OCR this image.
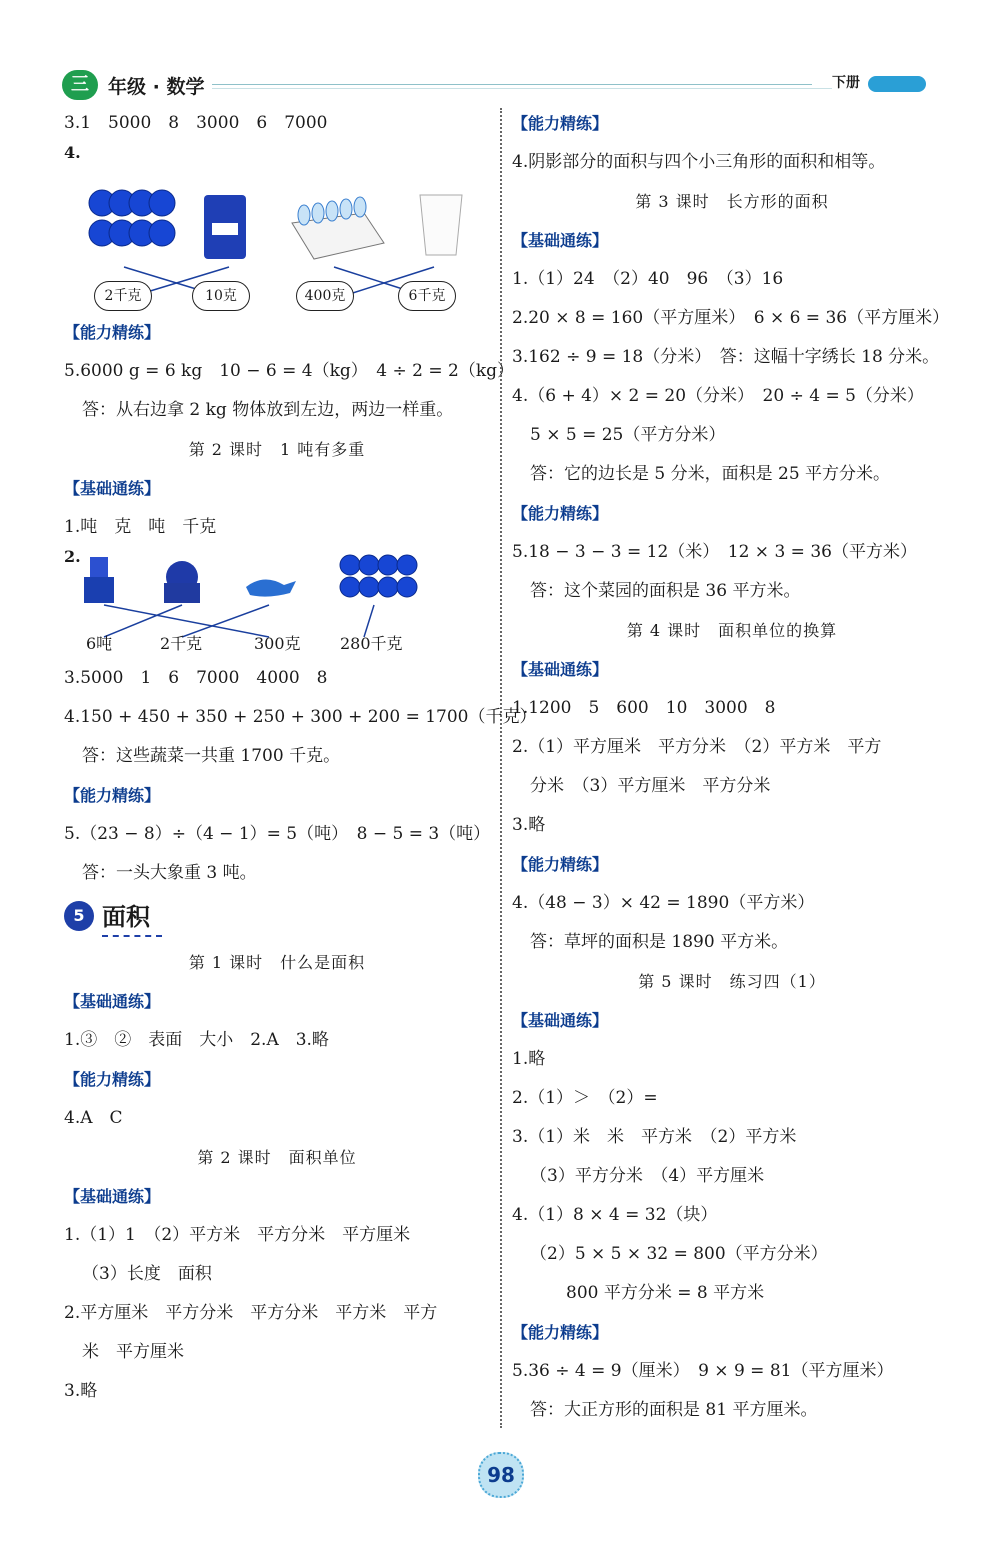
三	年级 · 数学	下册
3.1　5000　8　3000　6　7000
4.
2千克	10克	400克	6千克
【能力精练】
5.6000 g = 6 kg　10 − 6 = 4（kg）　4 ÷ 2 = 2（kg）
答：从右边拿 2 kg 物体放到左边，两边一样重。
第 2 课时　1 吨有多重
【基础通练】
1.吨　克　吨　千克
2.
6吨	2千克	300克 280千克
3.5000　1　6　7000　4000　8
4.150 + 450 + 350 + 250 + 300 + 200 = 1700（千克）
答：这些蔬菜一共重 1700 千克。
【能力精练】
5.（23 − 8）÷（4 − 1）= 5（吨）　8 − 5 = 3（吨）
答：一头大象重 3 吨。
5 面积
第 1 课时　什么是面积
【基础通练】
1.③　②　表面　大小　2.A　3.略
【能力精练】
4.A　C
第 2 课时　面积单位
【基础通练】
1.（1）1　（2）平方米　平方分米　平方厘米
（3）长度　面积
2.平方厘米　平方分米　平方分米　平方米　平方
米　平方厘米
3.略
【能力精练】
4.阴影部分的面积与四个小三角形的面积和相等。
第 3 课时　长方形的面积
【基础通练】
1.（1）24　（2）40　96　（3）16
2.20 × 8 = 160（平方厘米）　6 × 6 = 36（平方厘米）
3.162 ÷ 9 = 18（分米）　答：这幅十字绣长 18 分米。
4.（6 + 4）× 2 = 20（分米）　20 ÷ 4 = 5（分米）
5 × 5 = 25（平方分米）
答：它的边长是 5 分米，面积是 25 平方分米。
【能力精练】
5.18 − 3 − 3 = 12（米）　12 × 3 = 36（平方米）
答：这个菜园的面积是 36 平方米。
第 4 课时　面积单位的换算
【基础通练】
1.1200　5　600　10　3000　8
2.（1）平方厘米　平方分米　（2）平方米　平方
分米　（3）平方厘米　平方分米
3.略
【能力精练】
4.（48 − 3）× 42 = 1890（平方米）
答：草坪的面积是 1890 平方米。
第 5 课时　练习四（1）
【基础通练】
1.略
2.（1）＞　（2）=
3.（1）米　米　平方米　（2）平方米
（3）平方分米　（4）平方厘米
4.（1）8 × 4 = 32（块）
（2）5 × 5 × 32 = 800（平方分米）
800 平方分米 = 8 平方米
【能力精练】
5.36 ÷ 4 = 9（厘米）　9 × 9 = 81（平方厘米）
答：大正方形的面积是 81 平方厘米。
98
